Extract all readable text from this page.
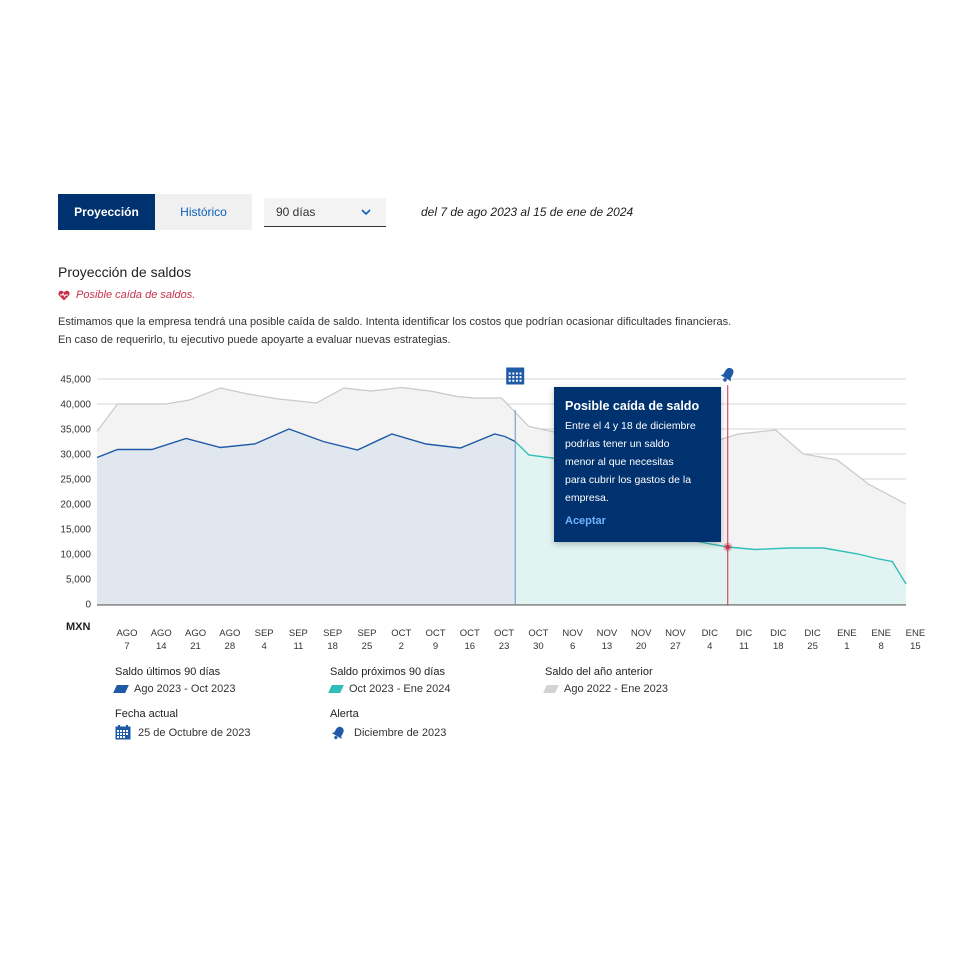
Proyección	Histórico	90 días	del 7 de ago 2023 al 15 de ene de 2024
Proyección de saldos
Posible caída de saldos.
Estimamos que la empresa tendrá una posible caída de saldo. Intenta identificar los costos que podrían ocasionar dificultades financieras.
En caso de requerirlo, tu ejecutivo puede apoyarte a evaluar nuevas estrategias.
45,000
40,000
35,000
30,000
25,000
20,000
15,000
10,000
5,000
0
AGO
7
AGO
14
AGO
21
AGO
28
SEP
4
SEP
11
SEP
18
SEP
25
OCT
2
OCT
9
OCT
16
OCT
23
OCT
30
NOV
6
NOV
13
NOV
20
NOV
27
DIC
4
DIC
11
DIC
18
DIC
25
ENE
1
ENE
8
ENE
15
MXN
Posible caída de saldo
Entre el 4 y 18 de diciembre
podrías tener un saldo
menor al que necesitas
para cubrir los gastos de la
empresa.
Aceptar
Saldo últimos 90 días
Ago 2023 - Oct 2023
Saldo próximos 90 días
Oct 2023 - Ene 2024
Saldo del año anterior
Ago 2022 - Ene 2023
Fecha actual
25 de Octubre de 2023
Alerta
Diciembre de 2023
